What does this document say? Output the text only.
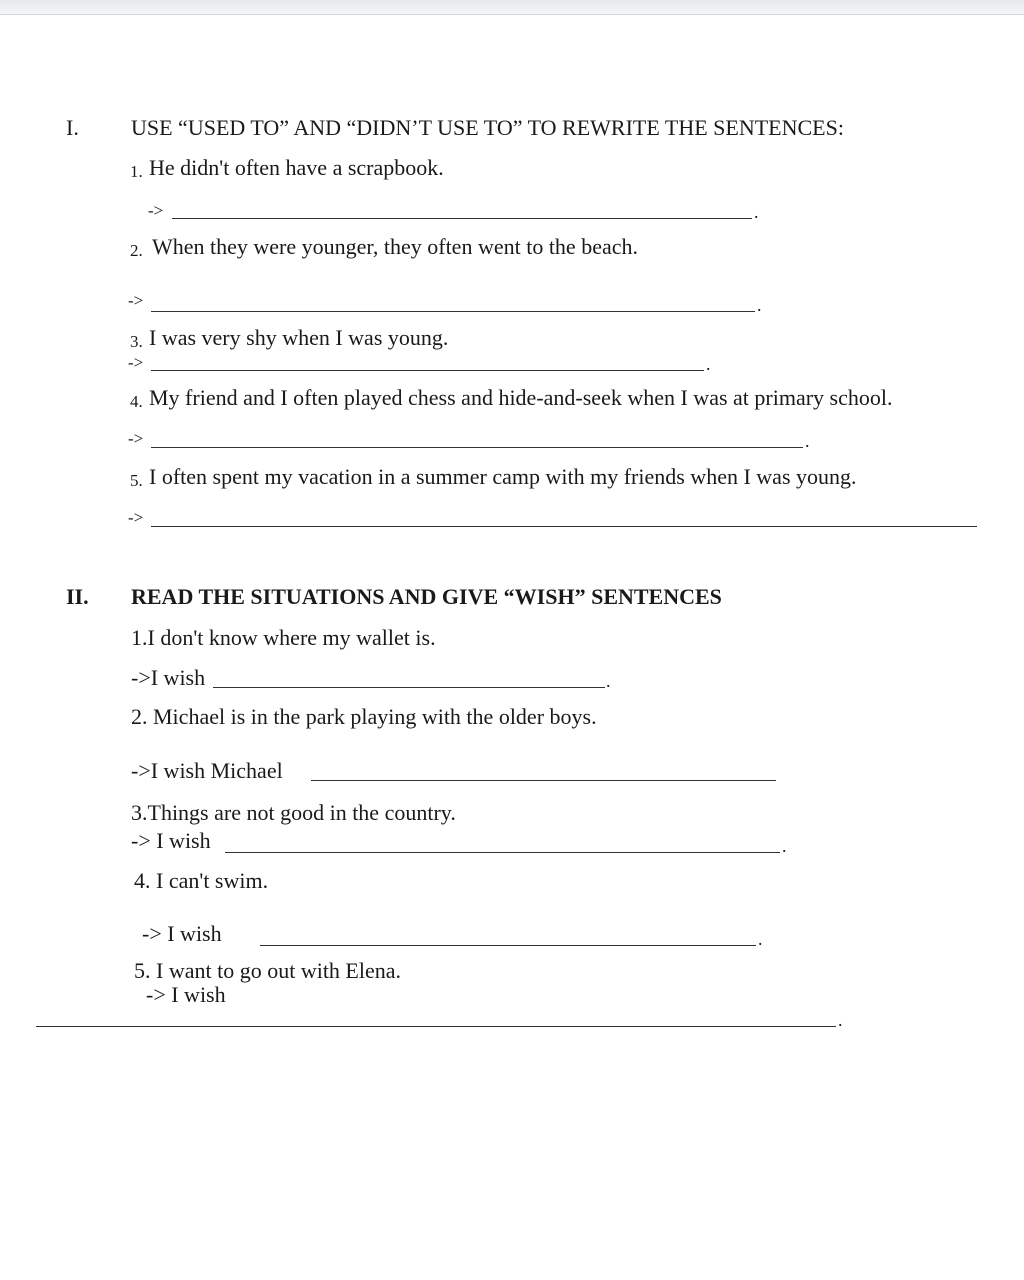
I. USE “USED TO” AND “DIDN’T USE TO” TO REWRITE THE SENTENCES:
1. He didn't often have a scrapbook.
->	.
2. When they were younger, they often went to the beach.
->	.
3. I was very shy when I was young.
->	.
4. My friend and I often played chess and hide-and-seek when I was at primary school.
->	.
5. I often spent my vacation in a summer camp with my friends when I was young.
->
II. READ THE SITUATIONS AND GIVE “WISH” SENTENCES
1.I don't know where my wallet is.
->I wish	.
2. Michael is in the park playing with the older boys.
->I wish Michael
3.Things are not good in the country.
-> I wish	.
4. I can't swim.
-> I wish	.
5. I want to go out with Elena.
-> I wish
.
